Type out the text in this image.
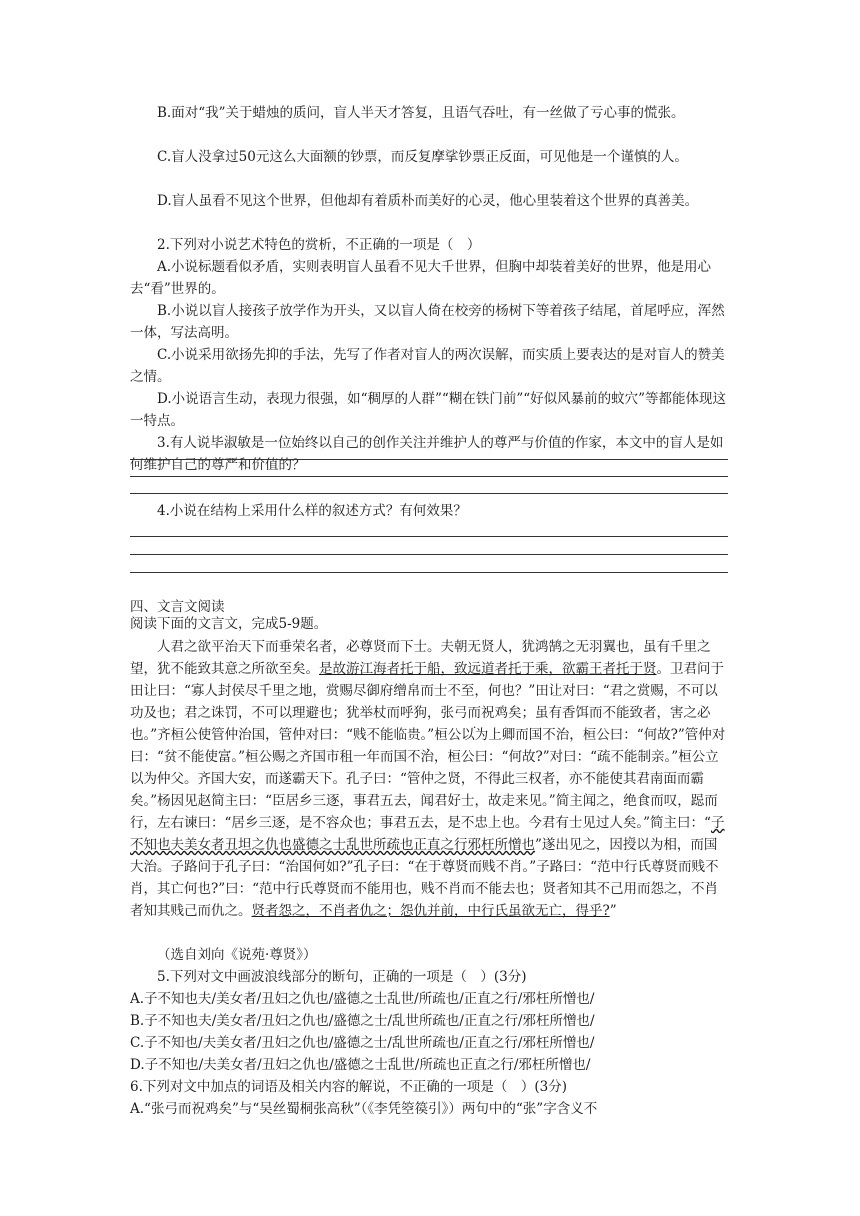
B.面对“我”关于蜡烛的质问，盲人半天才答复，且语气吞吐，有一丝做了亏心事的慌张。

C.盲人没拿过50元这么大面额的钞票，而反复摩挲钞票正反面，可见他是一个谨慎的人。

D.盲人虽看不见这个世界，但他却有着质朴而美好的心灵，他心里装着这个世界的真善美。

2.下列对小说艺术特色的赏析，不正确的一项是（　）

A.小说标题看似矛盾，实则表明盲人虽看不见大千世界，但胸中却装着美好的世界，他是用心去“看”世界的。

B.小说以盲人接孩子放学作为开头，又以盲人倚在校旁的杨树下等着孩子结尾，首尾呼应，浑然一体，写法高明。

C.小说采用欲扬先抑的手法，先写了作者对盲人的两次误解，而实质上要表达的是对盲人的赞美之情。

D.小说语言生动，表现力很强，如“稠厚的人群”“糊在铁门前”“好似风暴前的蚊穴”等都能体现这一特点。

3.有人说毕淑敏是一位始终以自己的创作关注并维护人的尊严与价值的作家，本文中的盲人是如何维护自己的尊严和价值的？

4.小说在结构上采用什么样的叙述方式？有何效果？

四、文言文阅读

阅读下面的文言文，完成5-9题。

人君之欲平治天下而垂荣名者，必尊贤而下士。夫朝无贤人，犹鸿鹄之无羽翼也，虽有千里之望，犹不能致其意之所欲至矣。是故游江海者托于船，致远道者托于乘，欲霸王者托于贤。卫君问于田让曰：“寡人封侯尽千里之地，赏赐尽御府缯帛而士不至，何也？”田让对曰：“君之赏赐，不可以功及也；君之诛罚，不可以理避也；犹举杖而呼狗，张 .弓而祝鸡矣；虽有香饵而不能致者，害之必也。”齐桓公使管仲治国，管仲对曰：“贱不能临 .贵。”桓公以为上卿而国不治，桓公曰：“何故?”管仲对曰：“贫不能使富。”桓公赐之齐国市租一年而国不治，桓公曰：“何故?”对曰：“疏不能制亲。”桓公立以为仲父。齐国大安，而遂霸天下。孔子曰：“管仲之贤，不得此三权者，亦不能使其君南面而霸矣。”杨因见赵简主曰：“臣居乡三逐，事君五去，闻君好士，故走来见。”简主闻之，绝食而叹，跽而行，左右谏曰：“居乡三逐，是不容众也；事君五去，是不忠上也。今君有士见过 .人矣。”简主曰：“子不知也夫美女者丑坦之仇也盛德之士乱世所疏也正直之行邪枉所憎也”遂出见之，因授以为相，而国大治。子路问于孔子曰：“治国何如?”孔子曰：“在于尊贤而贱不肖。”子路曰：“范中行氏尊贤而贱不肖，其亡何也?”曰：“范中行氏尊贤而不能用也，贱不肖而不能去也；贤者知其不己用而怨之，不肖者知其贱己而仇之。贤者怨之，不肖者仇之；怨仇并前，中行氏虽欲无亡，得乎?”

（选自刘向《说苑·尊贤》）

5.下列对文中画波浪线部分的断句，正确的一项是（　）(3分)

A.子不知也夫/美女者/丑妇之仇也/盛德之士乱世/所疏也/正直之行/邪枉所憎也/

B.子不知也夫/美女者/丑妇之仇也/盛德之士/乱世所疏也/正直之行/邪枉所憎也/

C.子不知也/夫美女者/丑妇之仇也/盛德之士/乱世所疏也/正直之行/邪枉所憎也/

D.子不知也/夫美女者/丑妇之仇也/盛德之士乱世/所疏也正直之行/邪枉所憎也/

6.下列对文中加点的词语及相关内容的解说，不正确的一项是（　）(3分)

A.“张弓而祝鸡矣”与“吴丝蜀桐张高秋”（《李凭箜篌引》）两句中的“张”字含义不
